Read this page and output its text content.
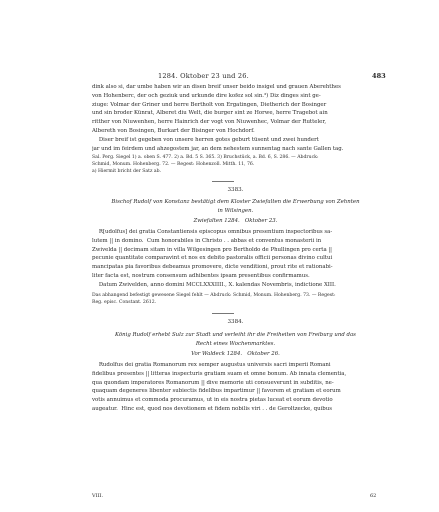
1284. Oktober 23 und 26.	483
dink also si, dar umbe haben wir an disen breif unser beido insigel und grauen Aberehthes
von Hohenberc, der och geziuk und urkunde dire kofez sol sin.³) Diz dinges sint ge-
ziuge: Volmar der Griner und herre Bertholt von Ergatingen, Dietherich der Bosinger
und sin broder Künrat, Alberet diu Welt, die burger sint ze Horwe, herre Tragebot ain
ritther von Niuwenhen, herre Hainrich der vogt von Niuwenhec, Volmar der Rutteler,
Albereth von Bosingen, Burkart der Bisinger von Hochdorf.
Diser breif ist gegeben von unsere herren gotes geburt tüsent und zwei hundert
jar und im feirdem und ahzegostem jar, an dem nehestem sunnentag nach sante Gallen tag.
Sal. Perg. Siegel 1) a. oben S. 477. 2) a. Bd. 5 S. 365. 3) Bruchstück, a. Bd. 6, S. 286. — Abdruck:
Schmid, Monum. Hohenberg. 72. — Regest: Hohenzoll. Mitth. 11, 76.
a) Hiermit bricht der Satz ab.
3383.
Bischof Rudolf von Konstanz bestätigt dem Kloster Zwiefalten die Erwerbung von Zehnten
in Wilsingen.
Zwiefalten 1284.   Oktober 23.
R[udolfus] dei gratia Constantiensis episcopus omnibus presentium inspectoribus sa-
lutem || in domino.  Cum honorabiles in Christo . . abbas et conventus monasterii in
Zwivelda || decimam sitam in villa Wilgesingen pro Bertholdo de Phullingen pro certa ||
pecunie quantitate comparavint et nos ex debito pastoralis officii personas divino cultui
mancipatas pia favoribus debeamus promovere, dicte venditioni, prout rite et rationabi-
liter facta est, nostrum consensum adhibentes ipsam presentibus confirmamus.
Datum Zwivelden, anno domini MCCLXXXIIII., X. kalendas Novembris, indictione XIII.
Das abhangend befestigt gewesene Siegel fehlt — Abdruck: Schmid, Monum. Hohenberg. 73. — Regest:
Reg. episc. Constant. 2612.
3384.
König Rudolf erhebt Sulz zur Stadt und verleiht ihr die Freiheiten von Freiburg und das
Recht eines Wochenmarktes.
Vor Waldeck 1284.   Oktober 26.
Rudolfus dei gratia Romanorum rex semper augustus universis sacri imperii Romani
fidelibus presentes || litteras inspecturis gratiam suam et omne bonum. Ab innata clementia,
qua quondam imperatores Romanorum || dive memorie uti consueverunt in subditis, ne-
quaquam degeneres libenter subiectis fidelibus impartimur || favorem et gratiam et eorum
votis annuimus et commoda procuramus, ut in eis nostra pietas luceat et eorum devotio
augeatur.  Hinc est, quod nos devotionem et fidem nobilis viri . . de Geroltzecke, quibus
VIII.	62
